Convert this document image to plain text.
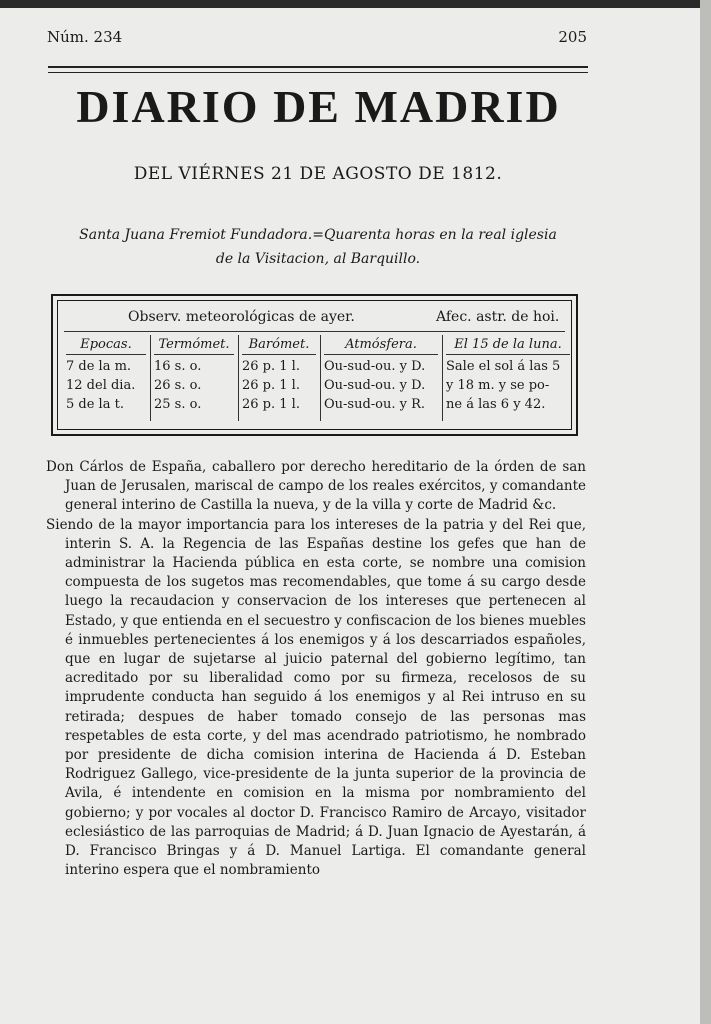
Núm. 234	205
DIARIO DE MADRID
DEL VIÉRNES 21 DE AGOSTO DE 1812.
Santa Juana Fremiot Fundadora.=Quarenta horas en la real iglesia
de la Visitacion, al Barquillo.
Observ. meteorológicas de ayer.	Afec. astr. de hoi.
Epocas.
7 de la m.
12 del dia.
5 de la t.
Termómet.
16 s. o.
26 s. o.
25 s. o.
Barómet.
26 p. 1 l.
26 p. 1 l.
26 p. 1 l.
Atmósfera.
Ou-sud-ou. y D.
Ou-sud-ou. y D.
Ou-sud-ou. y R.
El 15 de la luna.
Sale el sol á las 5
y 18 m. y se po-
ne á las 6 y 42.

Don Cárlos de España, caballero por derecho hereditario de la órden de san Juan de Jerusalen, mariscal de campo de los reales exércitos, y comandante general interino de Castilla la nueva, y de la villa y corte de Madrid &c.

Siendo de la mayor importancia para los intereses de la patria y del Rei que, interin S. A. la Regencia de las Españas destine los gefes que han de administrar la Hacienda pública en esta corte, se nombre una comision compuesta de los sugetos mas recomendables, que tome á su cargo desde luego la recaudacion y conservacion de los intereses que pertenecen al Estado, y que entienda en el secuestro y confiscacion de los bienes muebles é inmuebles pertenecientes á los enemigos y á los descarriados españoles, que en lugar de sujetarse al juicio paternal del gobierno legítimo, tan acreditado por su liberalidad como por su firmeza, recelosos de su imprudente conducta han seguido á los enemigos y al Rei intruso en su retirada; despues de haber tomado consejo de las personas mas respetables de esta corte, y del mas acendrado patriotismo, he nombrado por presidente de dicha comision interina de Hacienda á D. Esteban Rodriguez Gallego, vice-presidente de la junta superior de la provincia de Avila, é intendente en comision en la misma por nombramiento del gobierno; y por vocales al doctor D. Francisco Ramiro de Arcayo, visitador eclesiástico de las parroquias de Madrid; á D. Juan Ignacio de Ayestarán, á D. Francisco Bringas y á D. Manuel Lartiga. El comandante general interino espera que el nombramiento
